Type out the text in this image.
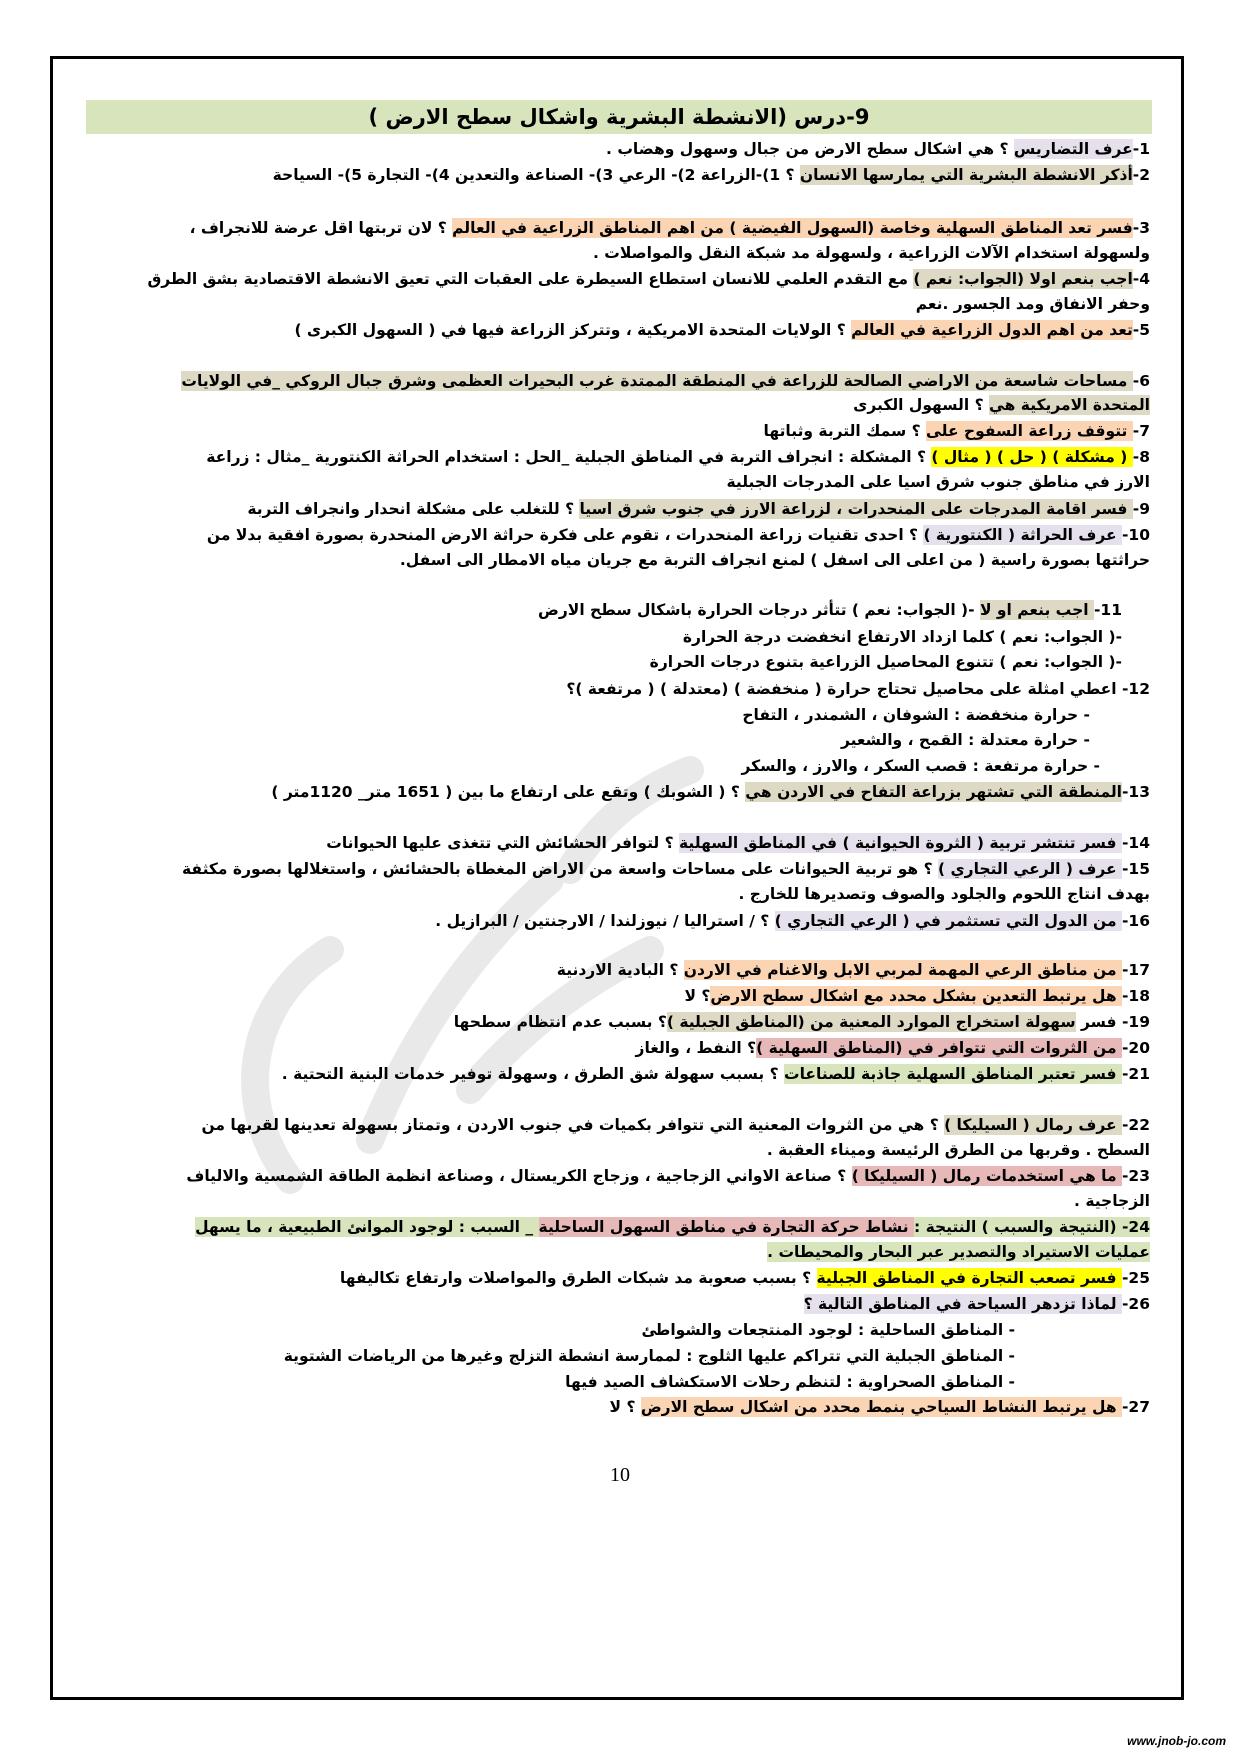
9-درس (الانشطة البشرية واشكال سطح الارض )
1-عرف التضاريس ؟ هي اشكال سطح الارض من جبال وسهول وهضاب .
2-أذكر الانشطة البشرية التي يمارسها الانسان ؟ 1)-الزراعة 2)- الرعي 3)- الصناعة والتعدين 4)- التجارة 5)- السياحة
3-فسر تعد المناطق السهلية وخاصة (السهول الفيضية ) من اهم المناطق الزراعية في العالم ؟ لان تربتها اقل عرضة للانجراف ،
ولسهولة استخدام الآلات الزراعية ، ولسهولة مد شبكة النقل والمواصلات .
4-اجب بنعم اولا (الجواب: نعم ) مع التقدم العلمي للانسان استطاع السيطرة على العقبات التي تعيق الانشطة الاقتصادية بشق الطرق
وحفر الانفاق ومد الجسور .نعم
5-تعد من اهم الدول الزراعية في العالم ؟ الولايات المتحدة الامريكية ، وتتركز الزراعة فيها في ( السهول الكبرى )
6- مساحات شاسعة من الاراضي الصالحة للزراعة في المنطقة الممتدة غرب البحيرات العظمى وشرق جبال الروكي _في الولايات
المتحدة الامريكية هي ؟ السهول الكبرى
7- تتوقف زراعة السفوح على ؟ سمك التربة وثباتها
8- ( مشكلة ) ( حل ) ( مثال ) ؟ المشكلة : انجراف التربة في المناطق الجبلية _الحل : استخدام الحراثة الكنتورية _مثال : زراعة
الارز في مناطق جنوب شرق اسيا على المدرجات الجبلية
9- فسر اقامة المدرجات على المنحدرات ، لزراعة الارز في جنوب شرق اسيا ؟ للتغلب على مشكلة انحدار وانجراف التربة
10- عرف الحراثة ( الكنتورية ) ؟ احدى تقنيات زراعة المنحدرات ، تقوم على فكرة حراثة الارض المنحدرة بصورة افقية بدلا من
حراثتها بصورة راسية ( من اعلى الى اسفل ) لمنع انجراف التربة مع جريان مياه الامطار الى اسفل.
11- اجب بنعم او لا -( الجواب: نعم ) تتأثر درجات الحرارة باشكال سطح الارض
-( الجواب: نعم ) كلما ازداد الارتفاع انخفضت درجة الحرارة
-( الجواب: نعم ) تتنوع المحاصيل الزراعية بتنوع درجات الحرارة
12- اعطي امثلة على محاصيل تحتاج حرارة ( منخفضة ) (معتدلة ) ( مرتفعة )؟
- حرارة منخفضة : الشوفان ، الشمندر ، التفاح
- حرارة معتدلة : القمح ، والشعير
- حرارة مرتفعة : قصب السكر ، والارز ، والسكر
13-المنطقة التي تشتهر بزراعة التفاح في الاردن هي ؟ ( الشوبك ) وتقع على ارتفاع ما بين ( 1651 متر_ 1120متر )
14- فسر تنتشر تربية ( الثروة الحيوانية ) في المناطق السهلية ؟ لتوافر الحشائش التي تتغذى عليها الحيوانات
15- عرف ( الرعي التجاري ) ؟ هو تربية الحيوانات على مساحات واسعة من الاراض المغطاة بالحشائش ، واستغلالها بصورة مكثفة
بهدف انتاج اللحوم والجلود والصوف وتصديرها للخارج .
16- من الدول التي تستثمر في ( الرعي التجاري ) ؟ / استراليا / نيوزلندا / الارجنتين / البرازيل .
17- من مناطق الرعي المهمة لمربي الابل والاغنام في الاردن ؟ البادية الاردنية
18- هل يرتبط التعدين بشكل محدد مع اشكال سطح الارض؟ لا
19- فسر سهولة استخراج الموارد المعنية من (المناطق الجبلية )؟ بسبب عدم انتظام سطحها
20- من الثروات التي تتوافر في (المناطق السهلية )؟ النفط ، والغاز
21- فسر تعتبر المناطق السهلية جاذبة للصناعات ؟ بسبب سهولة شق الطرق ، وسهولة توفير خدمات البنية التحتية .
22- عرف رمال ( السيليكا ) ؟ هي من الثروات المعنية التي تتوافر بكميات في جنوب الاردن ، وتمتاز بسهولة تعدينها لقربها من
السطح . وقربها من الطرق الرئيسة وميناء العقبة .
23- ما هي استخدمات رمال ( السيليكا ) ؟ صناعة الاواني الزجاجية ، وزجاج الكريستال ، وصناعة انظمة الطاقة الشمسية والالياف
الزجاجية .
24- (النتيجة والسبب ) النتيجة : نشاط حركة التجارة في مناطق السهول الساحلية _ السبب : لوجود الموانئ الطبيعية ، ما يسهل
عمليات الاستيراد والتصدير عبر البحار والمحيطات .
25- فسر تصعب التجارة في المناطق الجبلية ؟ بسبب صعوبة مد شبكات الطرق والمواصلات وارتفاع تكاليفها
26- لماذا تزدهر السياحة في المناطق التالية ؟
- المناطق الساحلية : لوجود المنتجعات والشواطئ
- المناطق الجبلية التي تتراكم عليها الثلوج : لممارسة انشطة التزلج وغيرها من الرياضات الشتوية
- المناطق الصحراوية : لتنظم رحلات الاستكشاف الصيد فيها
27- هل يرتبط النشاط السياحي بنمط محدد من اشكال سطح الارض ؟ لا
10
www.jnob-jo.com
